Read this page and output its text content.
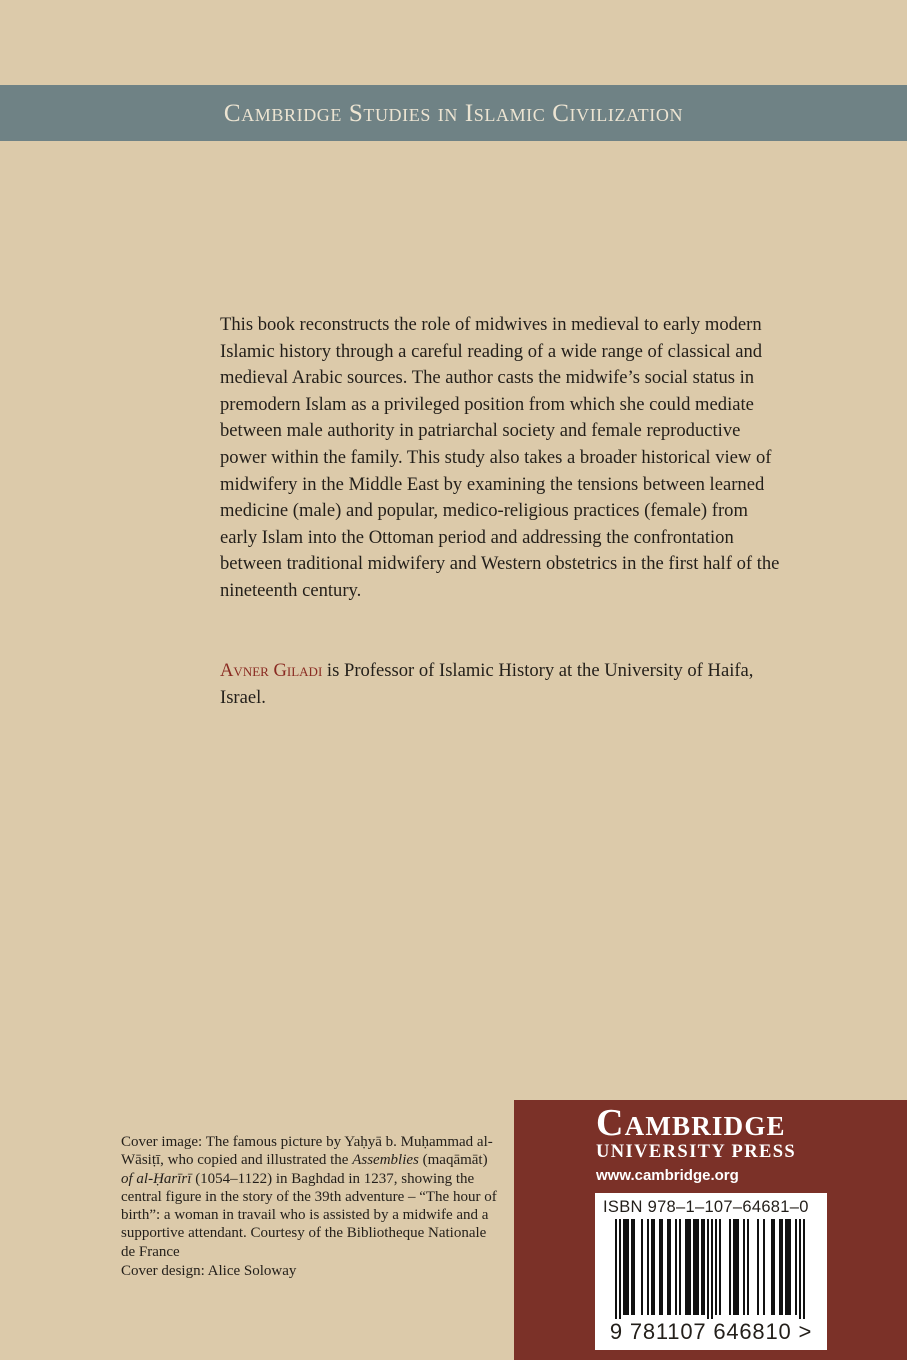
Cambridge Studies in Islamic Civilization

This book reconstructs the role of midwives in medieval to early modern Islamic history through a careful reading of a wide range of classical and medieval Arabic sources. The author casts the midwife’s social status in premodern Islam as a privileged position from which she could mediate between male authority in patriarchal society and female reproductive power within the family. This study also takes a broader historical view of midwifery in the Middle East by examining the tensions between learned medicine (male) and popular, medico-religious practices (female) from early Islam into the Ottoman period and addressing the confrontation between traditional midwifery and Western obstetrics in the first half of the nineteenth century.

Avner Giladi is Professor of Islamic History at the University of Haifa, Israel.

Cover image: The famous picture by Yaḥyā b. Muḥammad al-Wāsiṭī, who copied and illustrated the Assemblies (maqāmāt) of al-Ḥarīrī (1054–1122) in Baghdad in 1237, showing the central figure in the story of the 39th adventure – “The hour of birth”: a woman in travail who is assisted by a midwife and a supportive attendant. Courtesy of the Bibliotheque Nationale de France

Cover design: Alice Soloway
Cambridge
UNIVERSITY PRESS
www.cambridge.org
ISBN 978–1–107–64681–0
9 781107 646810 >
